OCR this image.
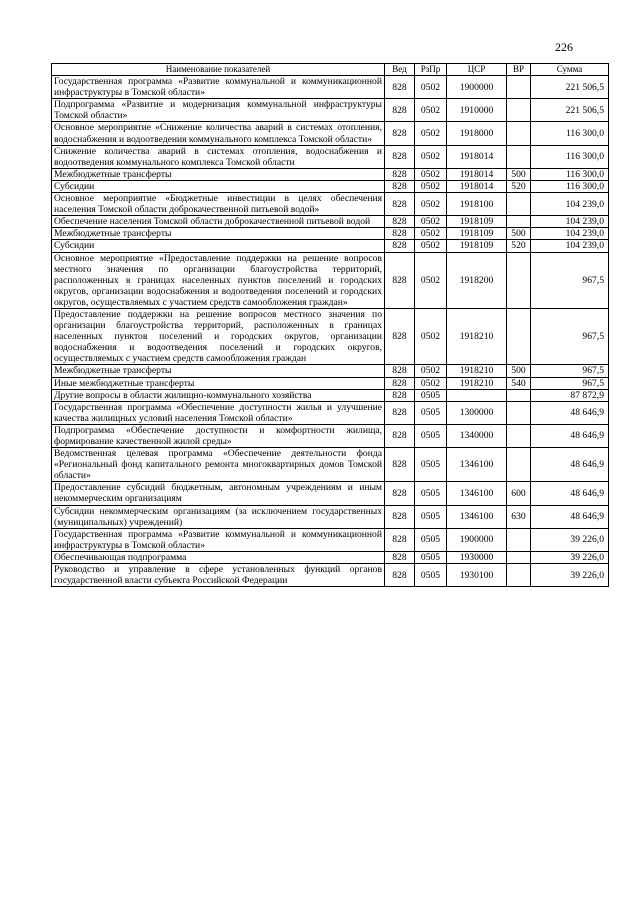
226
Наименование показателей	Вед	РзПр	ЦСР	ВР	Сумма
Государственная программа «Развитие коммунальной и коммуникационной инфраструктуры в Томской области»	828	0502	1900000		221 506,5
Подпрограмма «Развитие и модернизация коммунальной инфраструктуры Томской области»	828	0502	1910000		221 506,5
Основное мероприятие «Снижение количества аварий в системах отопления, водоснабжения и водоотведения коммунального комплекса Томской области»	828	0502	1918000		116 300,0
Снижение количества аварий в системах отопления, водоснабжения и водоотведения коммунального комплекса Томской области	828	0502	1918014		116 300,0
Межбюджетные трансферты	828	0502	1918014	500	116 300,0
Субсидии	828	0502	1918014	520	116 300,0
Основное мероприятие «Бюджетные инвестиции в целях обеспечения населения Томской области доброкачественной питьевой водой»	828	0502	1918100		104 239,0
Обеспечение населения Томской области доброкачественной питьевой водой	828	0502	1918109		104 239,0
Межбюджетные трансферты	828	0502	1918109	500	104 239,0
Субсидии	828	0502	1918109	520	104 239,0
Основное мероприятие «Предоставление поддержки на решение вопросов местного значения по организации благоустройства территорий, расположенных в границах населенных пунктов поселений и городских округов, организации водоснабжения и водоотведения поселений и городских округов, осуществляемых с участием средств самообложения граждан»	828	0502	1918200		967,5
Предоставление поддержки на решение вопросов местного значения по организации благоустройства территорий, расположенных в границах населенных пунктов поселений и городских округов, организации водоснабжения и водоотведения поселений и городских округов, осуществляемых с участием средств самообложения граждан	828	0502	1918210		967,5
Межбюджетные трансферты	828	0502	1918210	500	967,5
Иные межбюджетные трансферты	828	0502	1918210	540	967,5
Другие вопросы в области жилищно-коммунального хозяйства	828	0505			87 872,9
Государственная программа «Обеспечение доступности жилья и улучшение качества жилищных условий населения Томской области»	828	0505	1300000		48 646,9
Подпрограмма «Обеспечение доступности и комфортности жилища, формирование качественной жилой среды»	828	0505	1340000		48 646,9
Ведомственная целевая программа «Обеспечение деятельности фонда «Региональный фонд капитального ремонта многоквартирных домов Томской области»	828	0505	1346100		48 646,9
Предоставление субсидий бюджетным, автономным учреждениям и иным некоммерческим организациям	828	0505	1346100	600	48 646,9
Субсидии некоммерческим организациям (за исключением государственных (муниципальных) учреждений)	828	0505	1346100	630	48 646,9
Государственная программа «Развитие коммунальной и коммуникационной инфраструктуры в Томской области»	828	0505	1900000		39 226,0
Обеспечивающая подпрограмма	828	0505	1930000		39 226,0
Руководство и управление в сфере установленных функций органов государственной власти субъекта Российской Федерации	828	0505	1930100		39 226,0
